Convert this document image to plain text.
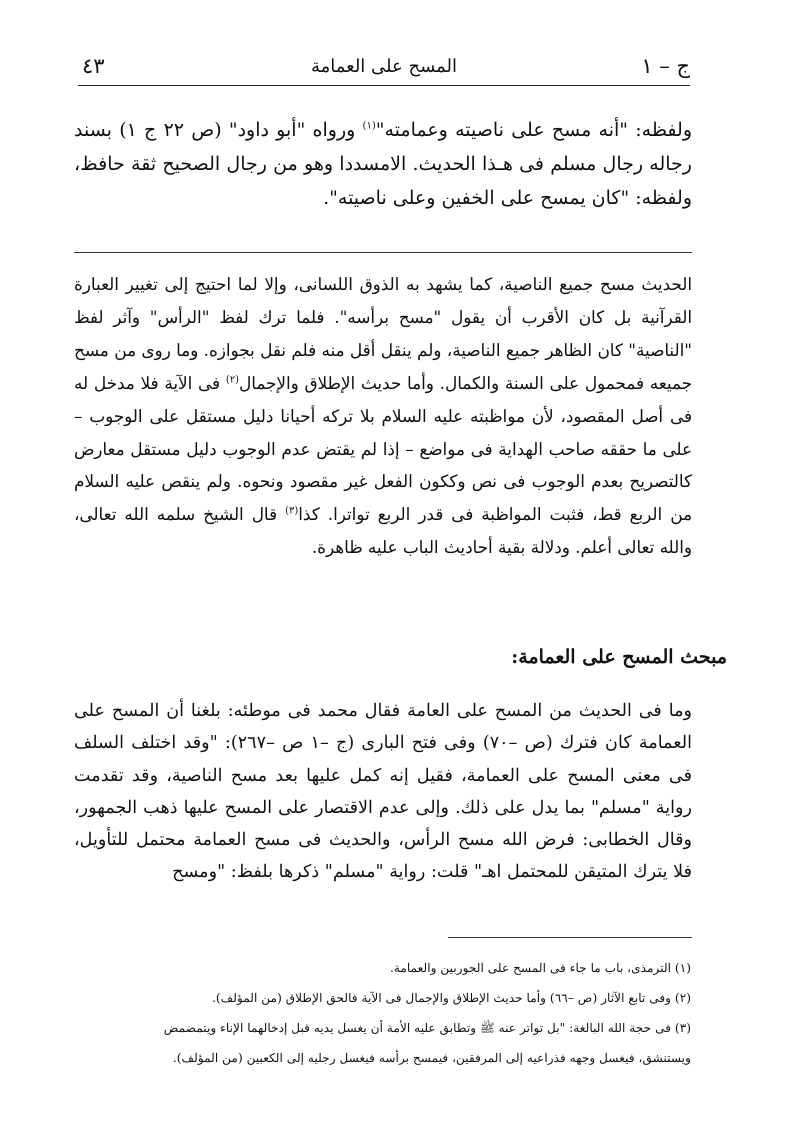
ج – ١
المسح على العمامة
٤٣
ولفظه: "أنه مسح على ناصيته وعمامته"$^{(١)}$ ورواه "أبو داود" (ص ٢٢ ج ١) بسند رجاله رجال مسلم فى هـذا الحديث. الامسددا وهو من رجال الصحيح ثقة حافظ، ولفظه: "كان يمسح على الخفين وعلى ناصيته".
الحديث مسح جميع الناصية، كما يشهد به الذوق اللسانى، وإلا لما احتيج إلى تغيير العبارة القرآنية بل كان الأقرب أن يقول "مسح برأسه". فلما ترك لفظ "الرأس" وآثر لفظ "الناصية" كان الظاهر جميع الناصية، ولم ينقل أقل منه فلم نقل بجوازه. وما روى من مسح جميعه فمحمول على السنة والكمال. وأما حديث الإطلاق والإجمال$^{(٢)}$ فى الآية فلا مدخل له فى أصل المقصود، لأن مواظبته عليه السلام بلا تركه أحيانا دليل مستقل على الوجوب – على ما حققه صاحب الهداية فى مواضع – إذا لم يقتض عدم الوجوب دليل مستقل معارض كالتصريح بعدم الوجوب فى نص وككون الفعل غير مقصود ونحوه. ولم ينقص عليه السلام من الربع قط، فثبت المواظبة فى قدر الربع تواترا. كذا$^{(٣)}$ قال الشيخ سلمه الله تعالى، والله تعالى أعلم. ودلالة بقية أحاديث الباب عليه ظاهرة.
مبحث المسح على العمامة:
وما فى الحديث من المسح على العامة فقال محمد فى موطئه: بلغنا أن المسح على العمامة كان فترك (ص –٧٠) وفى فتح البارى (ج –١ ص –٢٦٧): "وقد اختلف السلف فى معنى المسح على العمامة، فقيل إنه كمل عليها بعد مسح الناصية، وقد تقدمت رواية "مسلم" بما يدل على ذلك. وإلى عدم الاقتصار على المسح عليها ذهب الجمهور، وقال الخطابى: فرض الله مسح الرأس، والحديث فى مسح العمامة محتمل للتأويل، فلا يترك المتيقن للمحتمل اهـ" قلت: رواية "مسلم" ذكرها بلفظ: "ومسح
(١) الترمذى، باب ما جاء فى المسح على الجوربين والعمامة.
(٢) وفى تابع الآثار (ص –٦٦) وأما حديث الإطلاق والإجمال فى الآية فالحق الإطلاق (من المؤلف).
(٣) فى حجة الله البالغة: "بل تواتر عنه ﷺ وتطابق عليه الأمة أن يغسل يديه قبل إدخالهما الإناء ويتمضمض
ويستنشق، فيغسل وجهه فذراعيه إلى المرفقين، فيمسح برأسه فيغسل رجليه إلى الكعبين (من المؤلف).
